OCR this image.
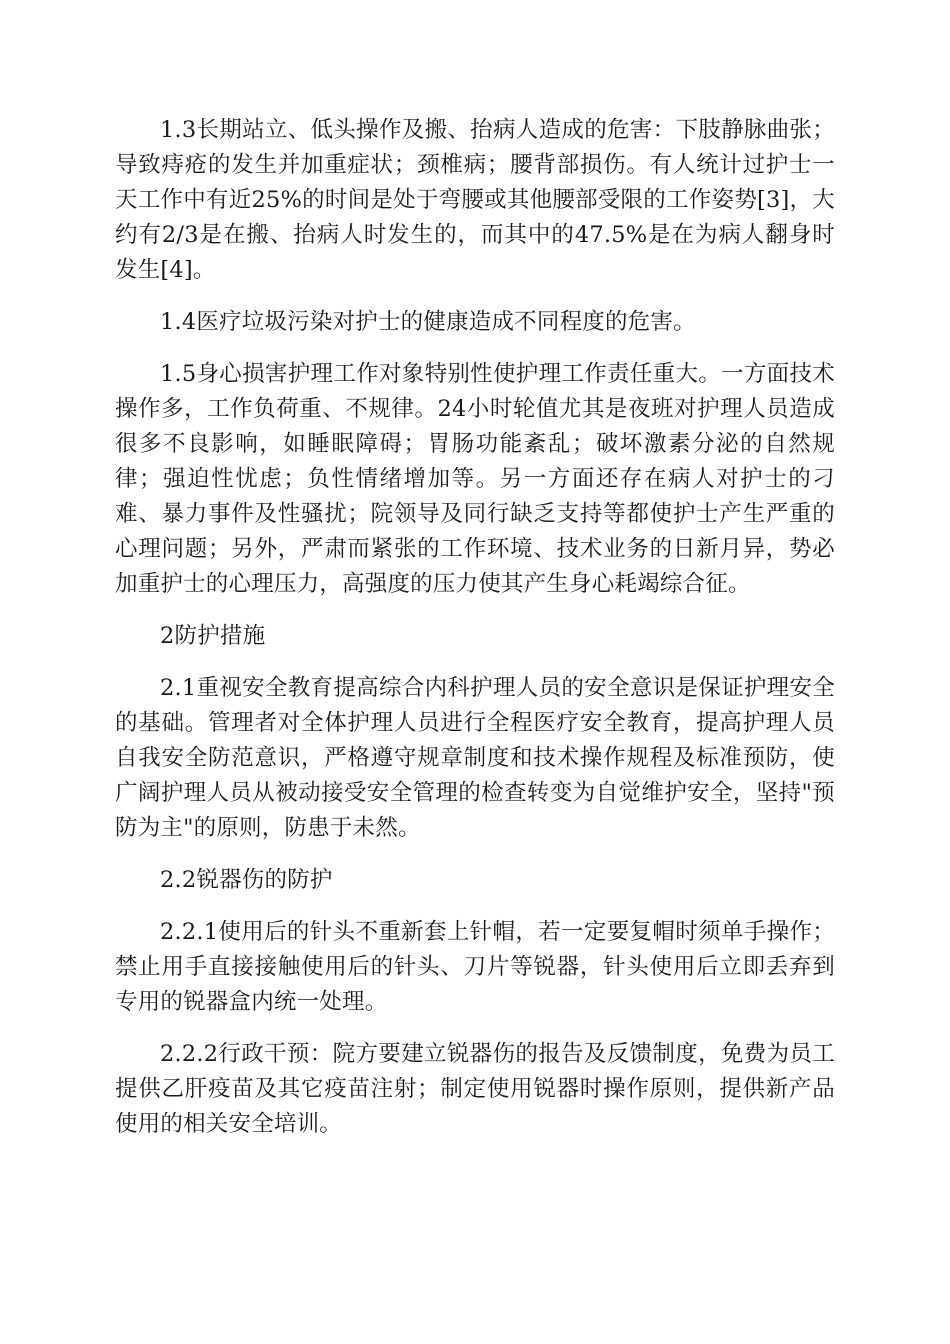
1.3长期站立、低头操作及搬、抬病人造成的危害：下肢静脉曲张；导致痔疮的发生并加重症状；颈椎病；腰背部损伤。有人统计过护士一天工作中有近25%的时间是处于弯腰或其他腰部受限的工作姿势[3]，大约有2/3是在搬、抬病人时发生的，而其中的47.5%是在为病人翻身时发生[4]。

1.4医疗垃圾污染对护士的健康造成不同程度的危害。

1.5身心损害护理工作对象特别性使护理工作责任重大。一方面技术操作多，工作负荷重、不规律。24小时轮值尤其是夜班对护理人员造成很多不良影响，如睡眠障碍；胃肠功能紊乱；破坏激素分泌的自然规律；强迫性忧虑；负性情绪增加等。另一方面还存在病人对护士的刁难、暴力事件及性骚扰；院领导及同行缺乏支持等都使护士产生严重的心理问题；另外，严肃而紧张的工作环境、技术业务的日新月异，势必加重护士的心理压力，高强度的压力使其产生身心耗竭综合征。

2防护措施

2.1重视安全教育提高综合内科护理人员的安全意识是保证护理安全的基础。管理者对全体护理人员进行全程医疗安全教育，提高护理人员自我安全防范意识，严格遵守规章制度和技术操作规程及标准预防，使广阔护理人员从被动接受安全管理的检查转变为自觉维护安全，坚持"预防为主"的原则，防患于未然。

2.2锐器伤的防护

2.2.1使用后的针头不重新套上针帽，若一定要复帽时须单手操作；禁止用手直接接触使用后的针头、刀片等锐器，针头使用后立即丢弃到专用的锐器盒内统一处理。

2.2.2行政干预：院方要建立锐器伤的报告及反馈制度，免费为员工提供乙肝疫苗及其它疫苗注射；制定使用锐器时操作原则，提供新产品使用的相关安全培训。
